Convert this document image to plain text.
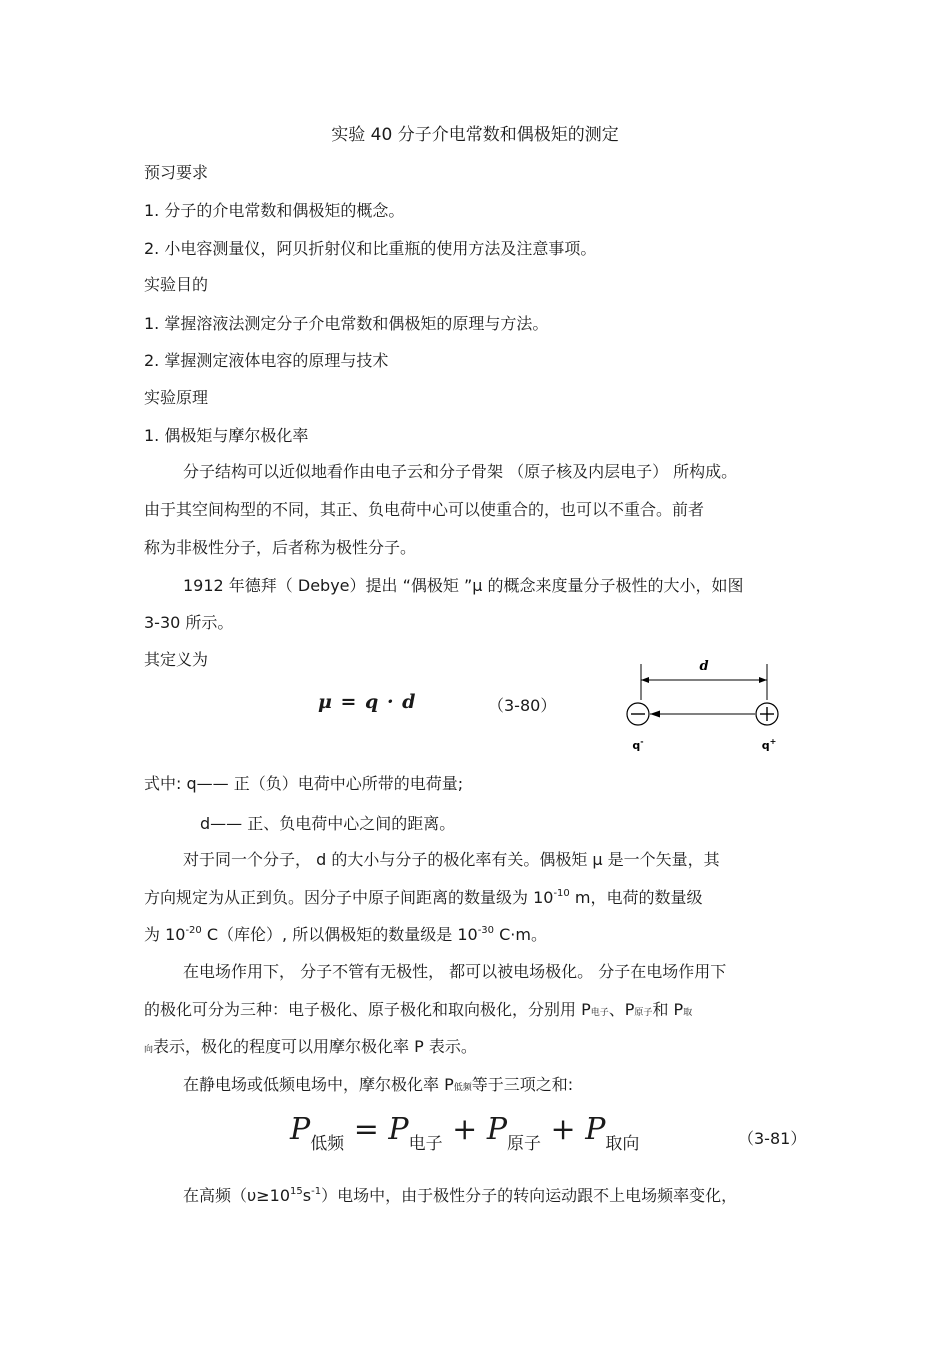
实验 40 分子介电常数和偶极矩的测定
预习要求
1. 分子的介电常数和偶极矩的概念。
2. 小电容测量仪，阿贝折射仪和比重瓶的使用方法及注意事项。
实验目的
1. 掌握溶液法测定分子介电常数和偶极矩的原理与方法。
2. 掌握测定液体电容的原理与技术
实验原理
1. 偶极矩与摩尔极化率
分子结构可以近似地看作由电子云和分子骨架 （原子核及内层电子） 所构成。
由于其空间构型的不同，其正、负电荷中心可以使重合的，也可以不重合。前者
称为非极性分子，后者称为极性分子。
1912 年德拜（ Debye）提出 “偶极矩 ”μ 的概念来度量分子极性的大小，如图
3-30 所示。
其定义为
μ = q · d	（3-80）
d
q-	q+
式中: q—— 正（负）电荷中心所带的电荷量;
d—— 正、负电荷中心之间的距离。
对于同一个分子， d 的大小与分子的极化率有关。偶极矩 μ 是一个矢量，其
方向规定为从正到负。因分子中原子间距离的数量级为 $10^{-10}$ m，电荷的数量级
为 $10^{-20}$ C（库伦）, 所以偶极矩的数量级是 $10^{-30}$ C·m。
在电场作用下， 分子不管有无极性， 都可以被电场极化。 分子在电场作用下
的极化可分为三种：电子极化、原子极化和取向极化，分别用 P电子、P原子和 P取
向表示，极化的程度可以用摩尔极化率 P 表示。
在静电场或低频电场中，摩尔极化率 P低频等于三项之和:
$P_{低频} = P_{电子} + P_{原子} + P_{取向}$	（3-81）
在高频$(\upsilon\ge 10^{15}s^{-1})$电场中，由于极性分子的转向运动跟不上电场频率变化，
